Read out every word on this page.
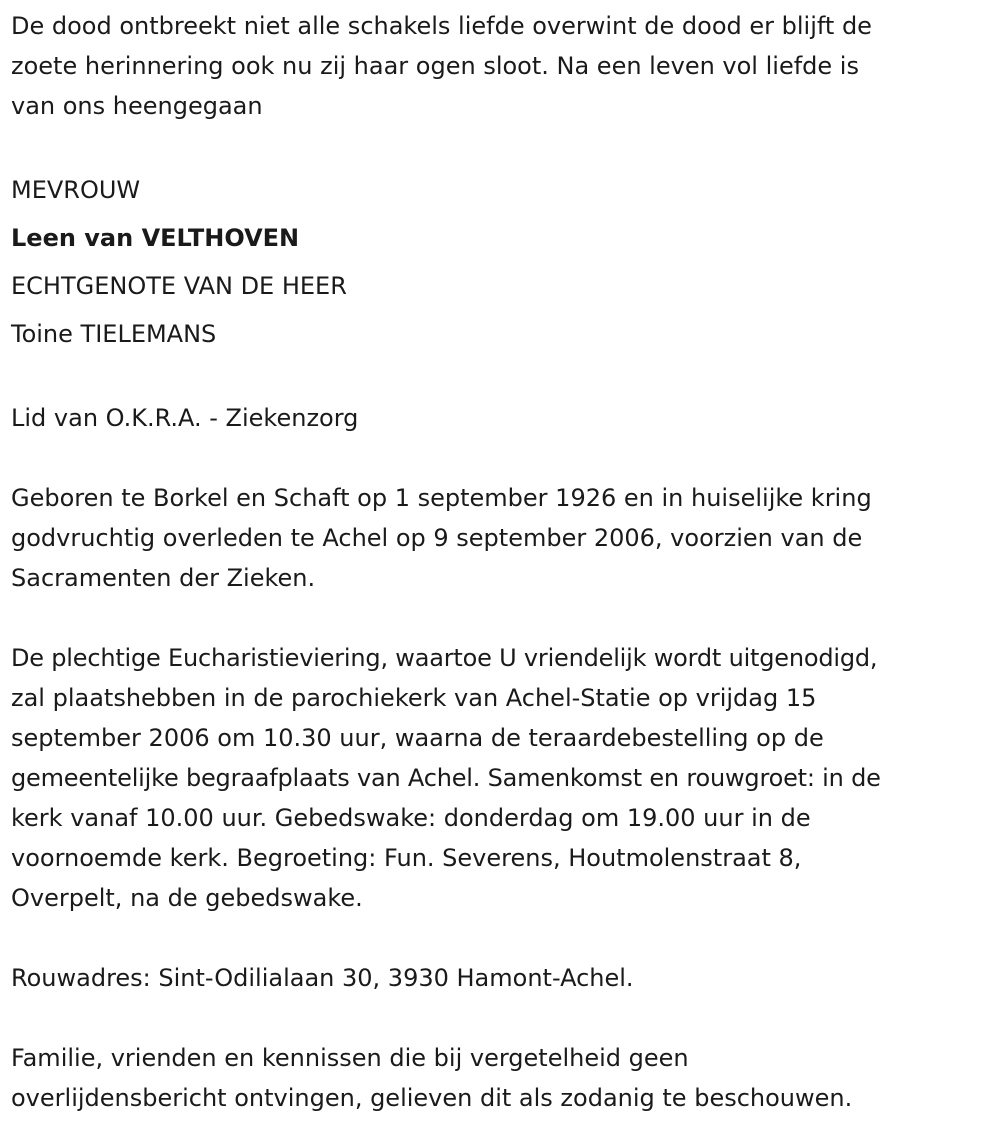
De dood ontbreekt niet alle schakels liefde overwint de dood er blijft de

zoete herinnering ook nu zij haar ogen sloot. Na een leven vol liefde is

van ons heengegaan

MEVROUW

Leen van VELTHOVEN

ECHTGENOTE VAN DE HEER

Toine TIELEMANS

Lid van O.K.R.A. - Ziekenzorg

Geboren te Borkel en Schaft op 1 september 1926 en in huiselijke kring

godvruchtig overleden te Achel op 9 september 2006, voorzien van de

Sacramenten der Zieken.

De plechtige Eucharistieviering, waartoe U vriendelijk wordt uitgenodigd,

zal plaatshebben in de parochiekerk van Achel-Statie op vrijdag 15

september 2006 om 10.30 uur, waarna de teraardebestelling op de

gemeentelijke begraafplaats van Achel. Samenkomst en rouwgroet: in de

kerk vanaf 10.00 uur. Gebedswake: donderdag om 19.00 uur in de

voornoemde kerk. Begroeting: Fun. Severens, Houtmolenstraat 8,

Overpelt, na de gebedswake.

Rouwadres: Sint-Odilialaan 30, 3930 Hamont-Achel.

Familie, vrienden en kennissen die bij vergetelheid geen

overlijdensbericht ontvingen, gelieven dit als zodanig te beschouwen.
